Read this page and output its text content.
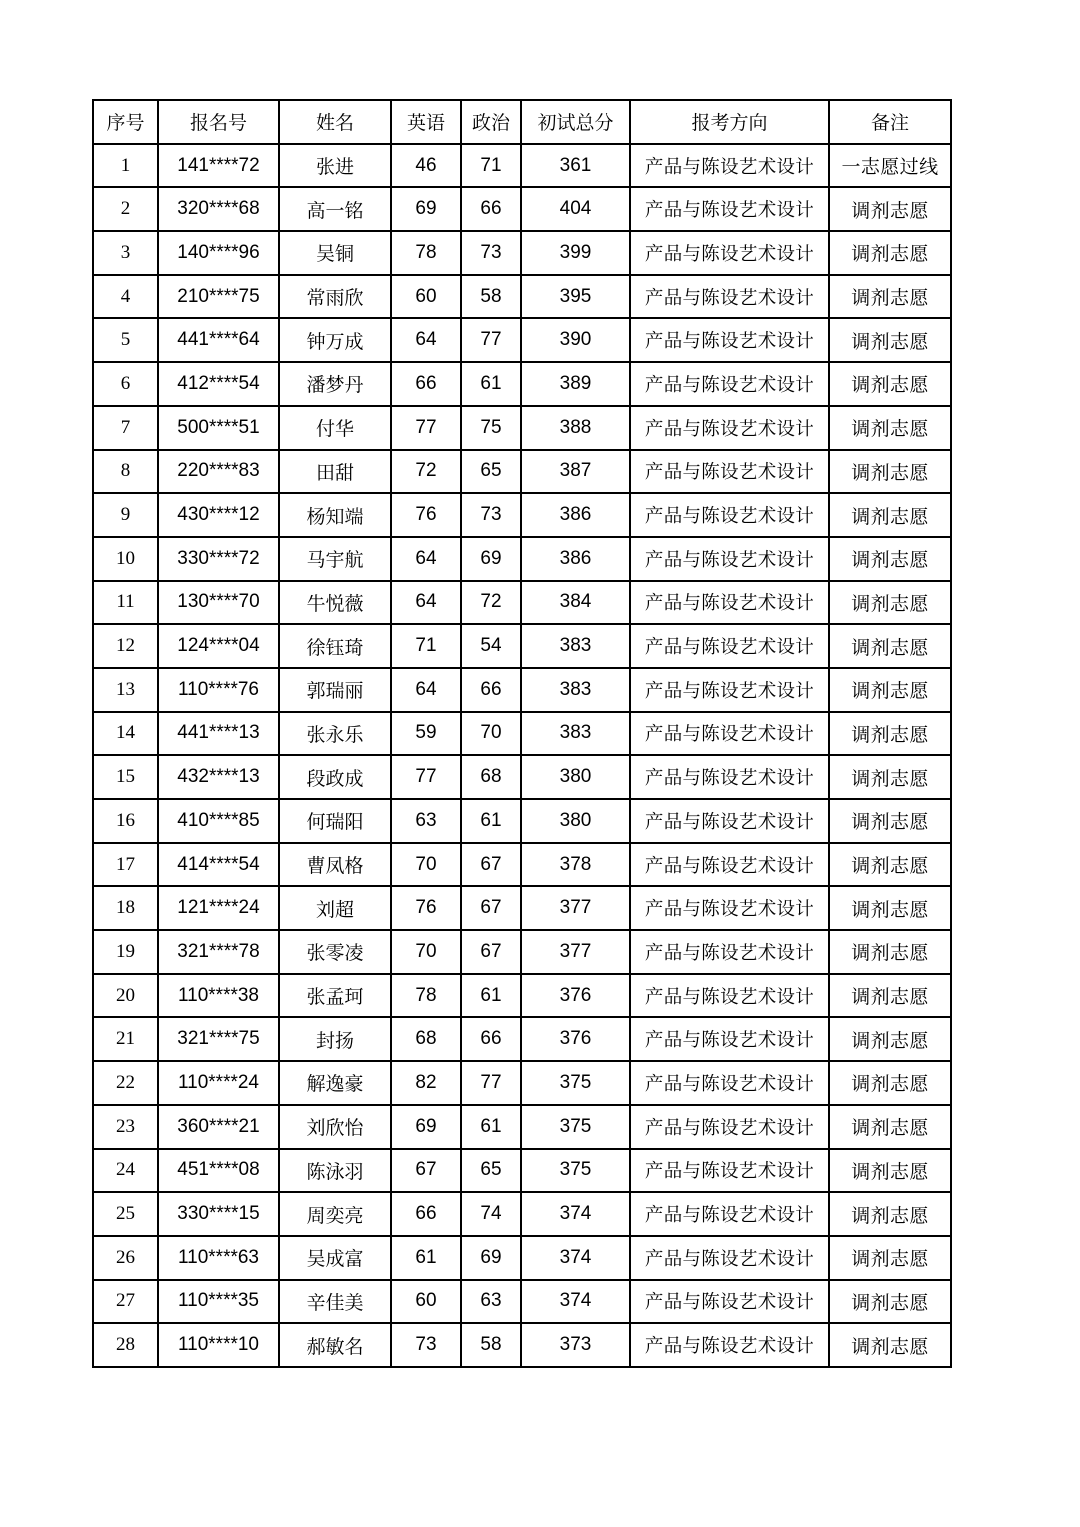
序号	报名号	姓名	英语	政治	初试总分	报考方向	备注
1	141****72	张进	46	71	361	产品与陈设艺术设计	一志愿过线
2	320****68	高一铭	69	66	404	产品与陈设艺术设计	调剂志愿
3	140****96	吴铜	78	73	399	产品与陈设艺术设计	调剂志愿
4	210****75	常雨欣	60	58	395	产品与陈设艺术设计	调剂志愿
5	441****64	钟万成	64	77	390	产品与陈设艺术设计	调剂志愿
6	412****54	潘梦丹	66	61	389	产品与陈设艺术设计	调剂志愿
7	500****51	付华	77	75	388	产品与陈设艺术设计	调剂志愿
8	220****83	田甜	72	65	387	产品与陈设艺术设计	调剂志愿
9	430****12	杨知端	76	73	386	产品与陈设艺术设计	调剂志愿
10	330****72	马宇航	64	69	386	产品与陈设艺术设计	调剂志愿
11	130****70	牛悦薇	64	72	384	产品与陈设艺术设计	调剂志愿
12	124****04	徐钰琦	71	54	383	产品与陈设艺术设计	调剂志愿
13	110****76	郭瑞丽	64	66	383	产品与陈设艺术设计	调剂志愿
14	441****13	张永乐	59	70	383	产品与陈设艺术设计	调剂志愿
15	432****13	段政成	77	68	380	产品与陈设艺术设计	调剂志愿
16	410****85	何瑞阳	63	61	380	产品与陈设艺术设计	调剂志愿
17	414****54	曹凤格	70	67	378	产品与陈设艺术设计	调剂志愿
18	121****24	刘超	76	67	377	产品与陈设艺术设计	调剂志愿
19	321****78	张零凌	70	67	377	产品与陈设艺术设计	调剂志愿
20	110****38	张孟珂	78	61	376	产品与陈设艺术设计	调剂志愿
21	321****75	封扬	68	66	376	产品与陈设艺术设计	调剂志愿
22	110****24	解逸豪	82	77	375	产品与陈设艺术设计	调剂志愿
23	360****21	刘欣怡	69	61	375	产品与陈设艺术设计	调剂志愿
24	451****08	陈泳羽	67	65	375	产品与陈设艺术设计	调剂志愿
25	330****15	周奕亮	66	74	374	产品与陈设艺术设计	调剂志愿
26	110****63	吴成富	61	69	374	产品与陈设艺术设计	调剂志愿
27	110****35	辛佳美	60	63	374	产品与陈设艺术设计	调剂志愿
28	110****10	郝敏名	73	58	373	产品与陈设艺术设计	调剂志愿
